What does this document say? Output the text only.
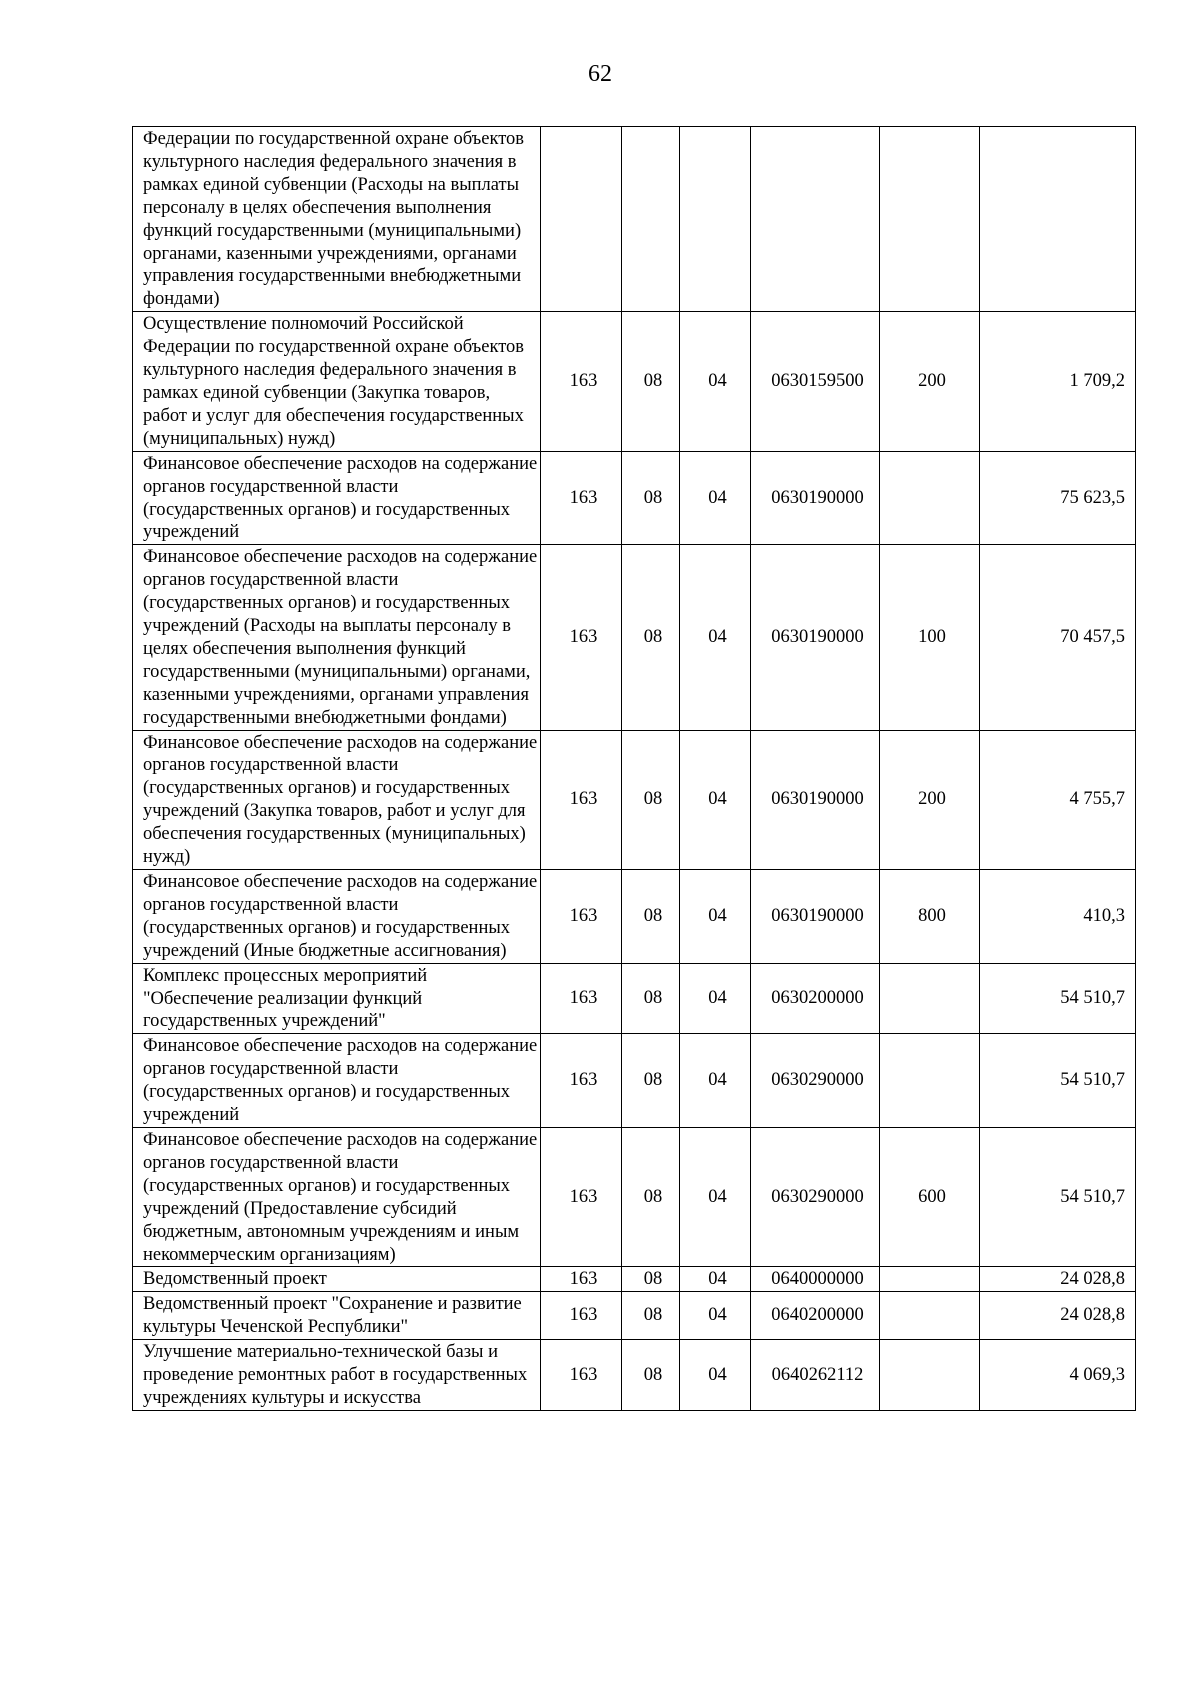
62
Федерации по государственной охране объектов культурного наследия федерального значения в рамках единой субвенции (Расходы на выплаты персоналу в целях обеспечения выполнения функций государственными (муниципальными) органами, казенными учреждениями, органами управления государственными внебюджетными фондами)						
Осуществление полномочий Российской Федерации по государственной охране объектов культурного наследия федерального значения в рамках единой субвенции (Закупка товаров, работ и услуг для обеспечения государственных (муниципальных) нужд)	163	08	04	0630159500	200	1 709,2
Финансовое обеспечение расходов на содержание органов государственной власти (государственных органов) и государственных учреждений	163	08	04	0630190000		75 623,5
Финансовое обеспечение расходов на содержание органов государственной власти (государственных органов) и государственных учреждений (Расходы на выплаты персоналу в целях обеспечения выполнения функций государственными (муниципальными) органами, казенными учреждениями, органами управления государственными внебюджетными фондами)	163	08	04	0630190000	100	70 457,5
Финансовое обеспечение расходов на содержание органов государственной власти (государственных органов) и государственных учреждений (Закупка товаров, работ и услуг для обеспечения государственных (муниципальных) нужд)	163	08	04	0630190000	200	4 755,7
Финансовое обеспечение расходов на содержание органов государственной власти (государственных органов) и государственных учреждений (Иные бюджетные ассигнования)	163	08	04	0630190000	800	410,3
Комплекс процессных мероприятий "Обеспечение реализации функций государственных учреждений"	163	08	04	0630200000		54 510,7
Финансовое обеспечение расходов на содержание органов государственной власти (государственных органов) и государственных учреждений	163	08	04	0630290000		54 510,7
Финансовое обеспечение расходов на содержание органов государственной власти (государственных органов) и государственных учреждений (Предоставление субсидий бюджетным, автономным учреждениям и иным некоммерческим организациям)	163	08	04	0630290000	600	54 510,7
Ведомственный проект	163	08	04	0640000000		24 028,8
Ведомственный проект "Сохранение и развитие культуры Чеченской Республики"	163	08	04	0640200000		24 028,8
Улучшение материально-технической базы и проведение ремонтных работ в государственных учреждениях культуры и искусства	163	08	04	0640262112		4 069,3
